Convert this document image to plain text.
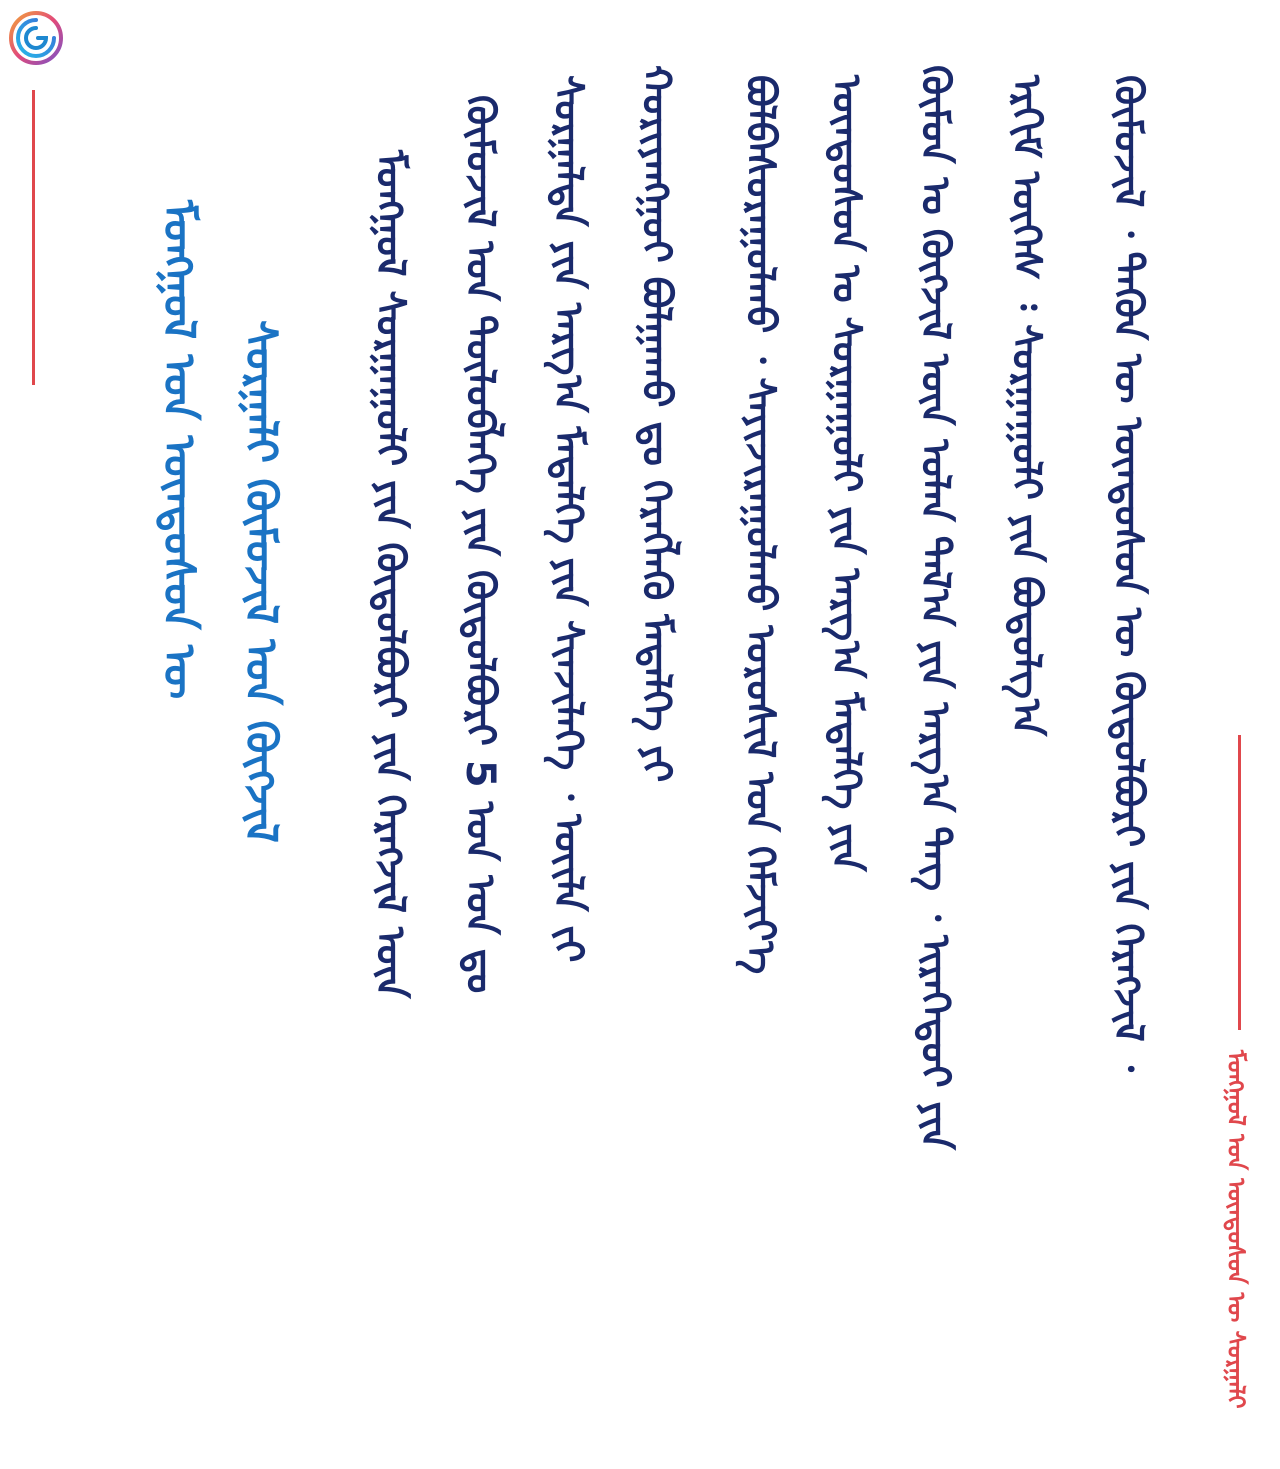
ᠮᠣᠩᠭᠣᠯ ᠤᠨ ᠦᠨᠳᠦᠰᠦᠨ ᠦ ᠰᠤᠷᠭᠠᠯᠢ ᠬᠦᠮᠦᠵᠢᠯ ᠤᠨ ᠬᠥᠭᠵᠢᠯ ᠮᠣᠩᠭᠣᠯ ᠰᠤᠷᠭᠠᠭᠤᠯᠢ ᠶᠢᠨ ᠬᠥᠲᠦᠯᠪᠦᠷᠢ ᠶᠢᠨ ᠬᠡᠷᠡᠭᠵᠢᠯ ᠦᠨ ᠬᠦᠮᠦᠵᠢᠯ ᠤᠨ ᠲᠥᠯᠦᠪᠯᠡᠭᠡ ᠶᠢᠨ ᠬᠥᠲᠦᠯᠪᠦᠷᠢ 5 ᠤᠨ ᠣᠨ ᠳᠤ ᠰᠤᠷᠭᠠᠯᠲᠠ ᠶᠢᠨ ᠠᠷᠭ᠎ᠠ ᠮᠡᠳᠡᠯᠭᠡ ᠶᠢᠨ ᠰᠢᠨᠵᠢᠯᠡᠭᠡ ᠂ ᠦᠢᠯᠡ ᠵᠢ ᠬᠤᠷᠢᠶᠠᠩᠭᠤᠢ ᠪᠣᠯᠭᠠᠬᠤ ᠳᠤ ᠬᠡᠷᠡᠭᠯᠡᠬᠦ ᠮᠡᠳᠡᠯᠭᠡ ᠶᠢ ᠪᠣᠯᠪᠠᠰᠤᠷᠠᠭᠤᠯᠬᠤ ᠂ ᠰᠠᠶᠢᠵᠢᠷᠠᠭᠤᠯᠬᠤ ᠤᠷᠤᠰᠢᠯ ᠤᠨ ᠬᠡᠮᠵᠢᠶ᠎ᠡ ᠦᠨᠳᠦᠰᠦᠨ ᠤ ᠰᠤᠷᠭᠠᠭᠤᠯᠢ ᠶᠢᠨ ᠠᠷᠭ᠎ᠠ ᠮᠡᠳᠡᠯᠭᠡ ᠶᠢᠨ ᠬᠦᠮᠦᠨ ᠤ ᠬᠥᠭᠵᠢᠯ ᠦᠨ ᠣᠯᠠᠨ ᠲᠠᠯ᠎ᠠ ᠶᠢᠨ ᠠᠷᠭ᠎ᠠ ᠳᠡᠭ ᠂ ᠢᠷᠡᠭᠡᠳᠦᠢ ᠶᠢᠨ ᠡᠷᠬᠢᠮ ᠦᠭᠡᠰ ᠄ ᠰᠤᠷᠭᠠᠭᠤᠯᠢ ᠶᠢᠨ ᠪᠣᠳᠣᠯᠭ᠎ᠠ ᠬᠦᠮᠦᠵᠢᠯ ᠂ ᠲᠡᠭᠦᠨ ᠦ ᠦᠨᠳᠦᠰᠦᠨ ᠦ ᠬᠥᠲᠦᠯᠪᠦᠷᠢ ᠶᠢᠨ ᠬᠡᠷᠡᠭᠵᠢᠯ ᠂
ᠮᠣᠩᠭᠣᠯ ᠤᠨ ᠦᠨᠳᠦᠰᠦᠨ ᠦ ᠰᠤᠷᠭᠠᠯᠢ
